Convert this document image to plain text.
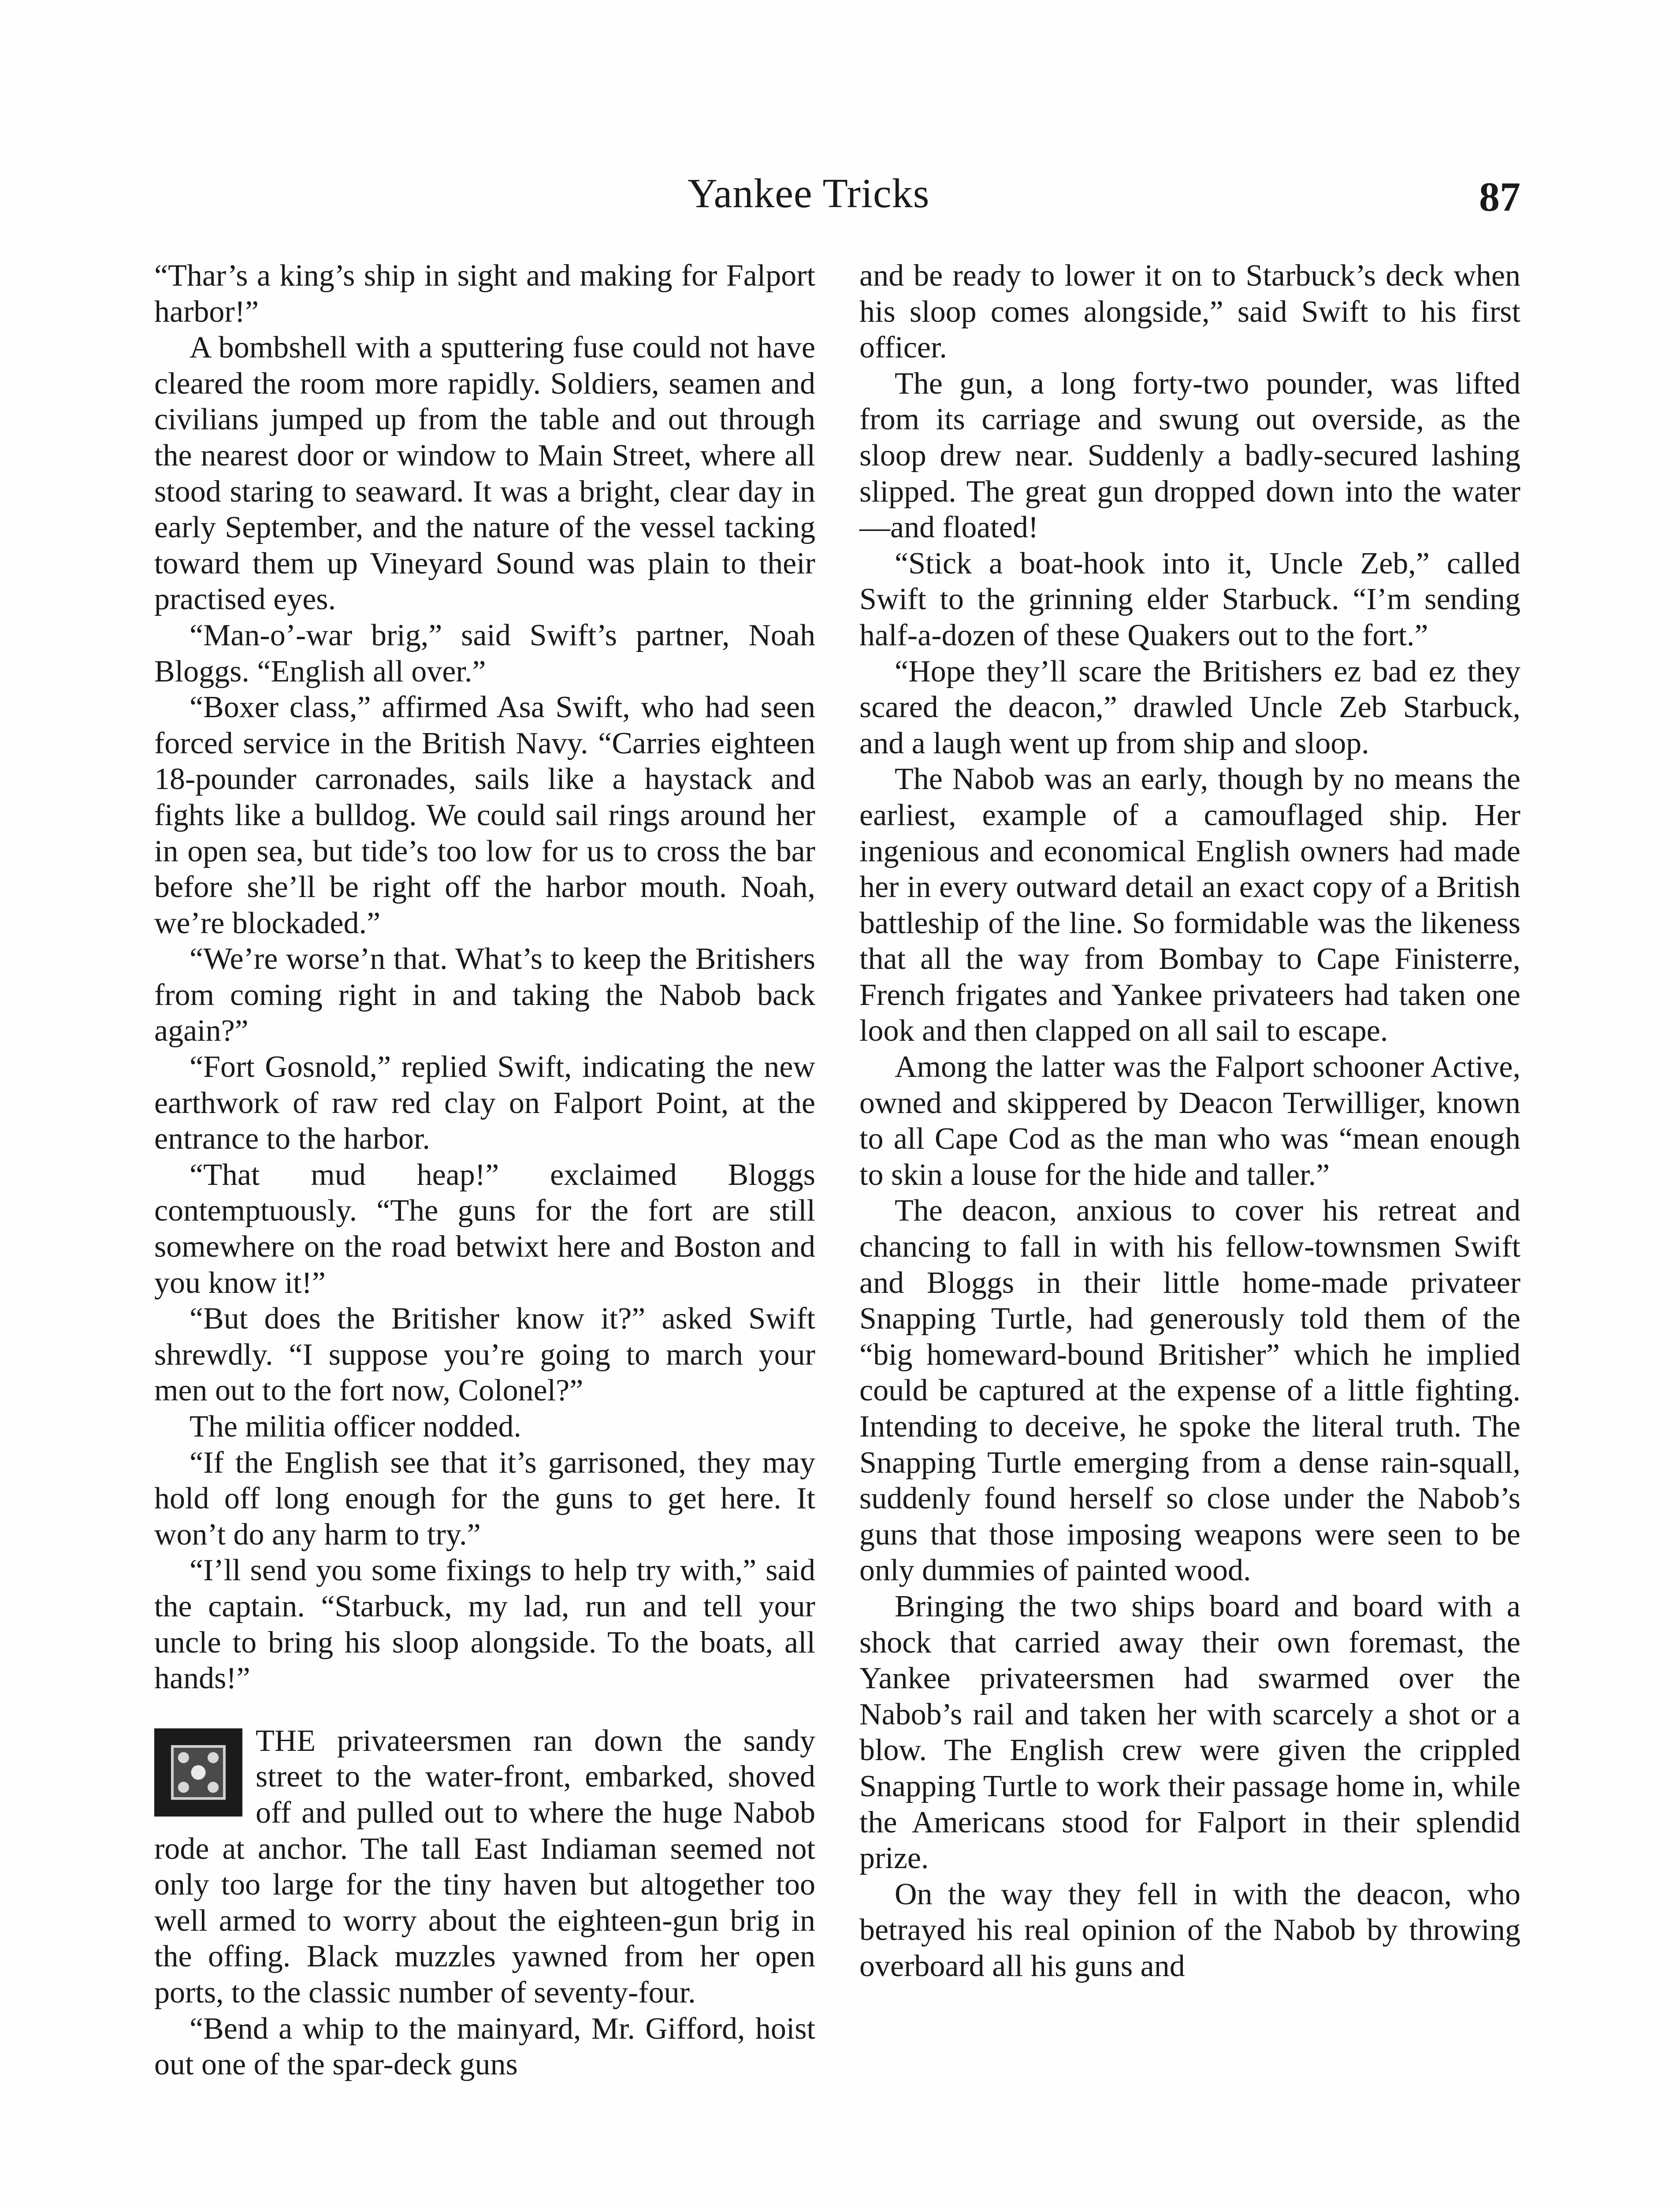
Yankee Tricks	87

“Thar’s a king’s ship in sight and making for Falport harbor!”

A bombshell with a sputtering fuse could not have cleared the room more rapidly. Soldiers, seamen and civilians jumped up from the table and out through the nearest door or window to Main Street, where all stood staring to seaward. It was a bright, clear day in early September, and the nature of the vessel tacking toward them up Vineyard Sound was plain to their practised eyes.

“Man-o’-war brig,” said Swift’s partner, Noah Bloggs. “English all over.”

“Boxer class,” affirmed Asa Swift, who had seen forced service in the British Navy. “Carries eighteen 18-pounder carronades, sails like a haystack and fights like a bulldog. We could sail rings around her in open sea, but tide’s too low for us to cross the bar before she’ll be right off the harbor mouth. Noah, we’re blockaded.”

“We’re worse’n that. What’s to keep the Britishers from coming right in and taking the Nabob back again?”

“Fort Gosnold,” replied Swift, indicating the new earthwork of raw red clay on Falport Point, at the entrance to the harbor.

“That mud heap!” exclaimed Bloggs contemptuously. “The guns for the fort are still somewhere on the road betwixt here and Boston and you know it!”

“But does the Britisher know it?” asked Swift shrewdly. “I suppose you’re going to march your men out to the fort now, Colonel?”

The militia officer nodded.

“If the English see that it’s garrisoned, they may hold off long enough for the guns to get here. It won’t do any harm to try.”

“I’ll send you some fixings to help try with,” said the captain. “Starbuck, my lad, run and tell your uncle to bring his sloop alongside. To the boats, all hands!”

THE privateersmen ran down the sandy street to the water-front, embarked, shoved off and pulled out to where the huge Nabob rode at anchor. The tall East Indiaman seemed not only too large for the tiny haven but altogether too well armed to worry about the eighteen-gun brig in the offing. Black muzzles yawned from her open ports, to the classic number of seventy-four.

“Bend a whip to the mainyard, Mr. Gifford, hoist out one of the spar-deck guns

and be ready to lower it on to Starbuck’s deck when his sloop comes alongside,” said Swift to his first officer.

The gun, a long forty-two pounder, was lifted from its carriage and swung out overside, as the sloop drew near. Suddenly a badly-secured lashing slipped. The great gun dropped down into the water—and floated!

“Stick a boat-hook into it, Uncle Zeb,” called Swift to the grinning elder Starbuck. “I’m sending half-a-dozen of these Quakers out to the fort.”

“Hope they’ll scare the Britishers ez bad ez they scared the deacon,” drawled Uncle Zeb Starbuck, and a laugh went up from ship and sloop.

The Nabob was an early, though by no means the earliest, example of a camouflaged ship. Her ingenious and economical English owners had made her in every outward detail an exact copy of a British battleship of the line. So formidable was the likeness that all the way from Bombay to Cape Finisterre, French frigates and Yankee privateers had taken one look and then clapped on all sail to escape.

Among the latter was the Falport schooner Active, owned and skippered by Deacon Terwilliger, known to all Cape Cod as the man who was “mean enough to skin a louse for the hide and taller.”

The deacon, anxious to cover his retreat and chancing to fall in with his fellow-townsmen Swift and Bloggs in their little home-made privateer Snapping Turtle, had generously told them of the “big homeward-bound Britisher” which he implied could be captured at the expense of a little fighting. Intending to deceive, he spoke the literal truth. The Snapping Turtle emerging from a dense rain-squall, suddenly found herself so close under the Nabob’s guns that those imposing weapons were seen to be only dummies of painted wood.

Bringing the two ships board and board with a shock that carried away their own foremast, the Yankee privateersmen had swarmed over the Nabob’s rail and taken her with scarcely a shot or a blow. The English crew were given the crippled Snapping Turtle to work their passage home in, while the Americans stood for Falport in their splendid prize.

On the way they fell in with the deacon, who betrayed his real opinion of the Nabob by throwing overboard all his guns and
